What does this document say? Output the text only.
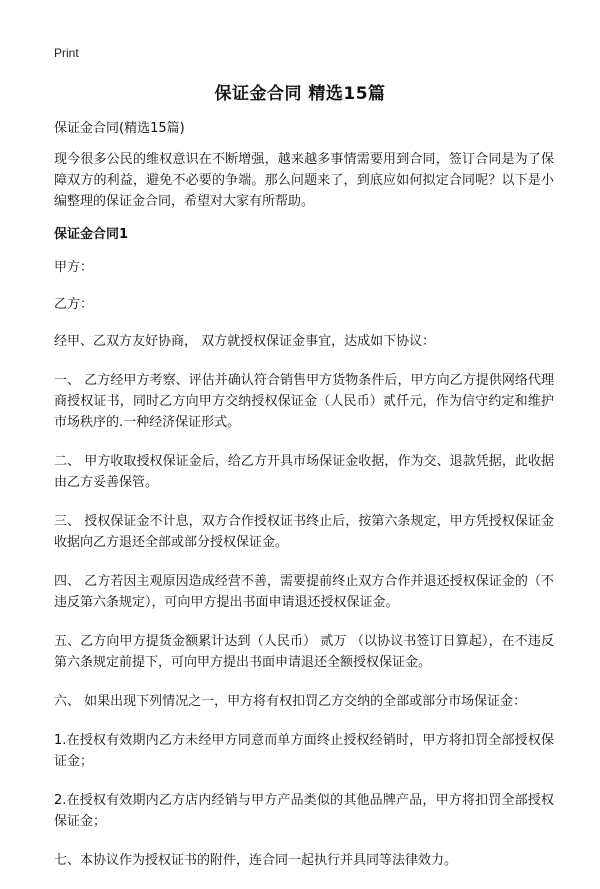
Print
保证金合同 精选15篇

保证金合同(精选15篇)

现今很多公民的维权意识在不断增强，越来越多事情需要用到合同，签订合同是为了保障双方的利益，避免不必要的争端。那么问题来了，到底应如何拟定合同呢？以下是小编整理的保证金合同，希望对大家有所帮助。

保证金合同1

甲方：

乙方：

经甲、乙双方友好协商， 双方就授权保证金事宜，达成如下协议：

一、 乙方经甲方考察、评估并确认符合销售甲方货物条件后，甲方向乙方提供网络代理商授权证书，同时乙方向甲方交纳授权保证金（人民币）贰仟元，作为信守约定和维护市场秩序的.一种经济保证形式。

二、 甲方收取授权保证金后，给乙方开具市场保证金收据，作为交、退款凭据，此收据由乙方妥善保管。

三、 授权保证金不计息，双方合作授权证书终止后，按第六条规定，甲方凭授权保证金收据向乙方退还全部或部分授权保证金。

四、 乙方若因主观原因造成经营不善，需要提前终止双方合作并退还授权保证金的（不违反第六条规定），可向甲方提出书面申请退还授权保证金。

五、乙方向甲方提货金额累计达到（人民币） 贰万 （以协议书签订日算起），在不违反第六条规定前提下，可向甲方提出书面申请退还全额授权保证金。

六、 如果出现下列情况之一，甲方将有权扣罚乙方交纳的全部或部分市场保证金：

1.在授权有效期内乙方未经甲方同意而单方面终止授权经销时，甲方将扣罚全部授权保证金；

2.在授权有效期内乙方店内经销与甲方产品类似的其他品牌产品，甲方将扣罚全部授权保证金；

七、本协议作为授权证书的附件，连合同一起执行并具同等法律效力。
